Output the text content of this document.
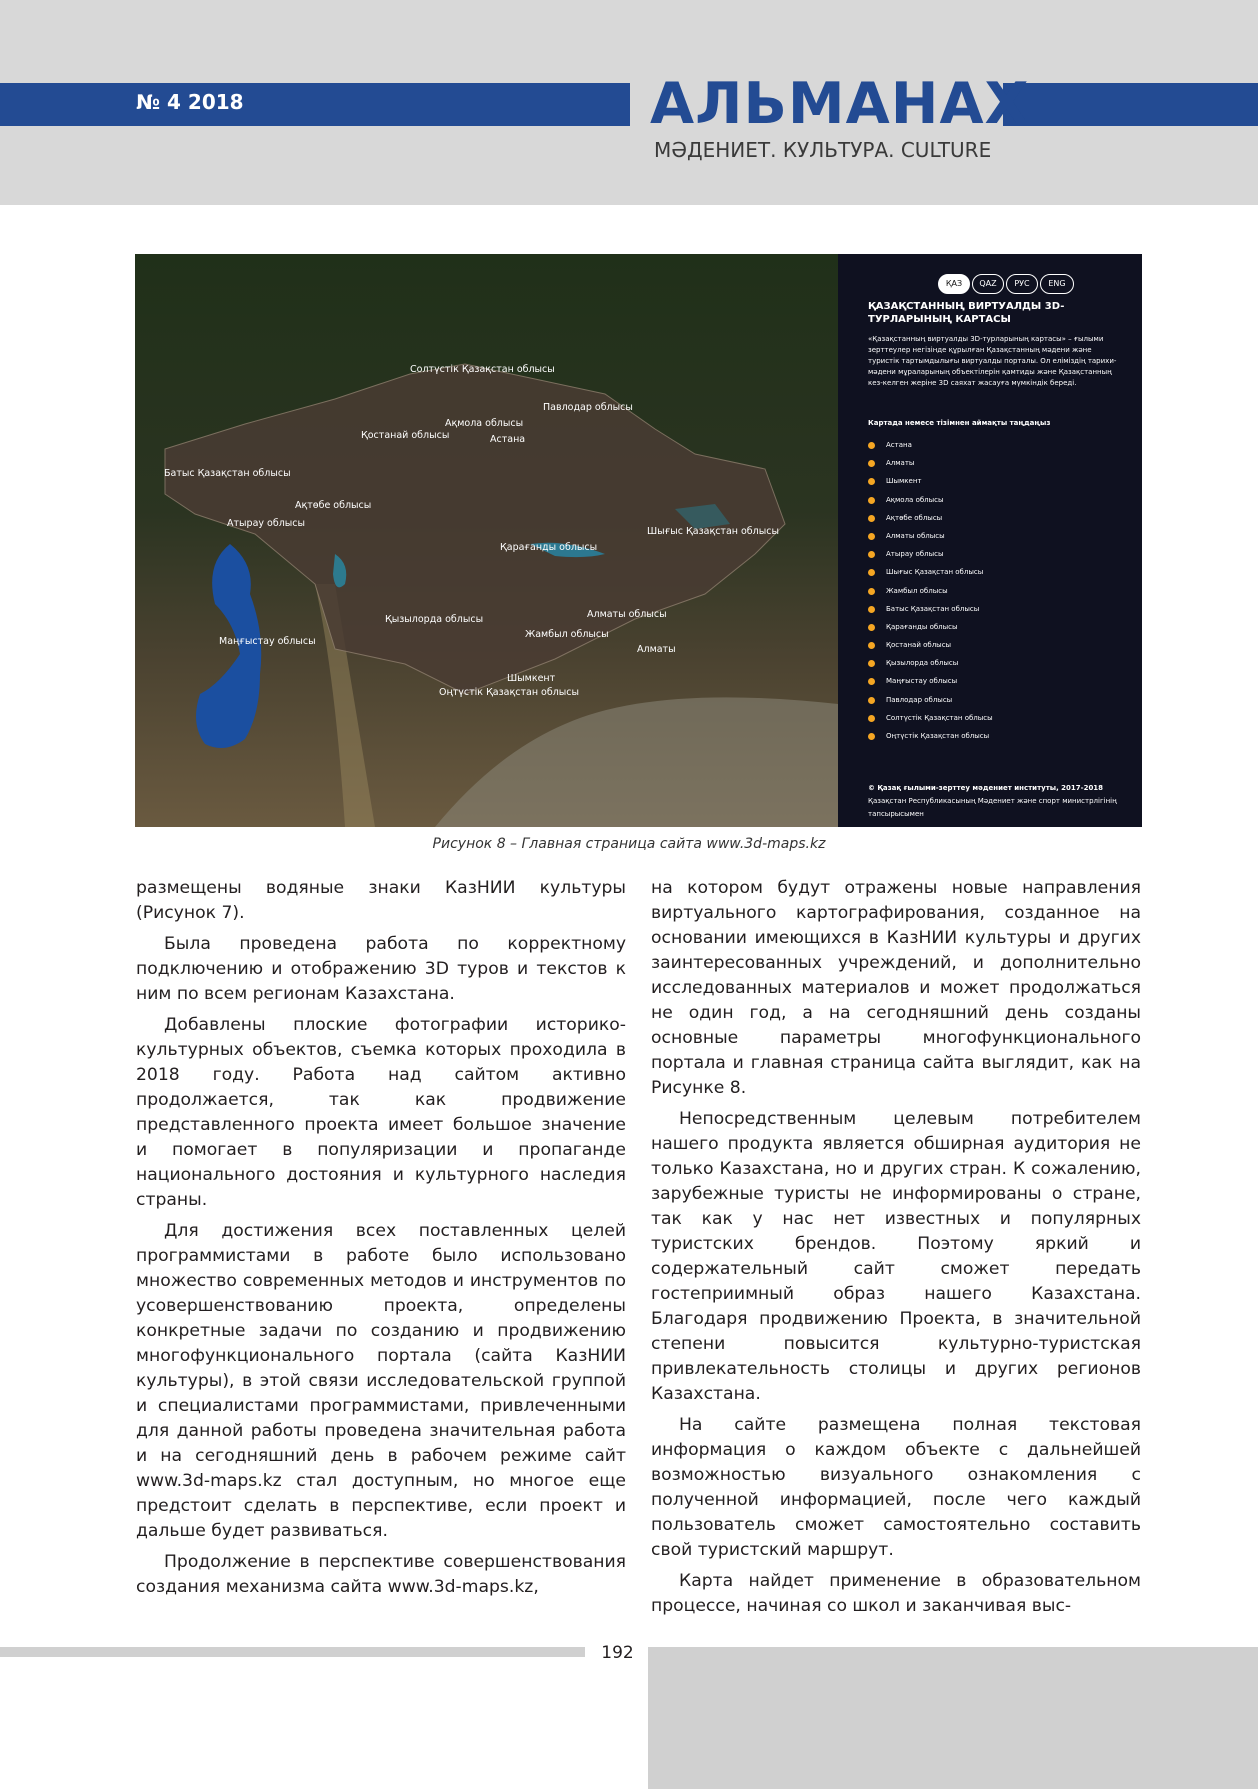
№ 4 2018	АЛЬМАНАХ
МӘДЕНИЕТ. КУЛЬТУРА. CULTURE
Солтүстік Қазақстан облысы
Павлодар облысы
Ақмола облысы
Астана
Қостанай облысы
Батыс Қазақстан облысы
Ақтөбе облысы
Атырау облысы
Қарағанды облысы
Шығыс Қазақстан облысы
Алматы облысы
Қызылорда облысы
Маңғыстау облысы
Жамбыл облысы
Алматы
Шымкент
Оңтүстік Қазақстан облысы
ҚАЗ	QAZ	РУС	ENG
ҚАЗАҚСТАННЫҢ ВИРТУАЛДЫ 3D-ТУРЛАРЫНЫҢ КАРТАСЫ
«Қазақстанның виртуалды 3D-турларының картасы» – ғылыми зерттеулер негізінде құрылған Қазақстанның мәдени және туристік тартымдылығы виртуалды порталы. Ол еліміздің тарихи-мәдени мұраларының объектілерін қамтиды және Қазақстанның кез-келген жеріне 3D саяхат жасауға мүмкіндік береді.
Картада немесе тізімнен аймақты таңдаңыз
Астана
Алматы
Шымкент
Ақмола облысы
Ақтөбе облысы
Алматы облысы
Атырау облысы
Шығыс Қазақстан облысы
Жамбыл облысы
Батыс Қазақстан облысы
Қарағанды облысы
Қостанай облысы
Қызылорда облысы
Маңғыстау облысы
Павлодар облысы
Солтүстік Қазақстан облысы
Оңтүстік Қазақстан облысы
© Қазақ ғылыми-зерттеу мәдениет институты, 2017-2018
Қазақстан Республикасының Мәдениет және спорт министрлігінің тапсырысымен
Рисунок 8 – Главная страница сайта www.3d-maps.kz

размещены водяные знаки КазНИИ культуры (Рисунок 7).

Была проведена работа по корректному подключению и отображению 3D туров и текстов к ним по всем регионам Казахстана.

Добавлены плоские фотографии историко-культурных объектов, съемка которых проходила в 2018 году. Работа над сайтом активно продолжается, так как продвижение представленного проекта имеет большое значение и помогает в популяризации и пропаганде национального достояния и культурного наследия страны.

Для достижения всех поставленных целей программистами в работе было использовано множество современных методов и инструментов по усовершенствованию проекта, определены конкретные задачи по созданию и продвижению многофункционального портала (сайта КазНИИ культуры), в этой связи исследовательской группой и специалистами программистами, привлеченными для данной работы проведена значительная работа и на сегодняшний день в рабочем режиме сайт www.3d-maps.kz стал доступным, но многое еще предстоит сделать в перспективе, если проект и дальше будет развиваться.

Продолжение в перспективе совершенствования создания механизма сайта www.3d-maps.kz,

на котором будут отражены новые направления виртуального картографирования, созданное на основании имеющихся в КазНИИ культуры и других заинтересованных учреждений, и дополнительно исследованных материалов и может продолжаться не один год, а на сегодняшний день созданы основные параметры многофункционального портала и главная страница сайта выглядит, как на Рисунке 8.

Непосредственным целевым потребителем нашего продукта является обширная аудитория не только Казахстана, но и других стран. К сожалению, зарубежные туристы не информированы о стране, так как у нас нет известных и популярных туристских брендов. Поэтому яркий и содержательный сайт сможет передать гостеприимный образ нашего Казахстана. Благодаря продвижению Проекта, в значительной степени повысится культурно-туристская привлекательность столицы и других регионов Казахстана.

На сайте размещена полная текстовая информация о каждом объекте с дальнейшей возможностью визуального ознакомления с полученной информацией, после чего каждый пользователь сможет самостоятельно составить свой туристский маршрут.

Карта найдет применение в образовательном процессе, начиная со школ и заканчивая выс-

192
